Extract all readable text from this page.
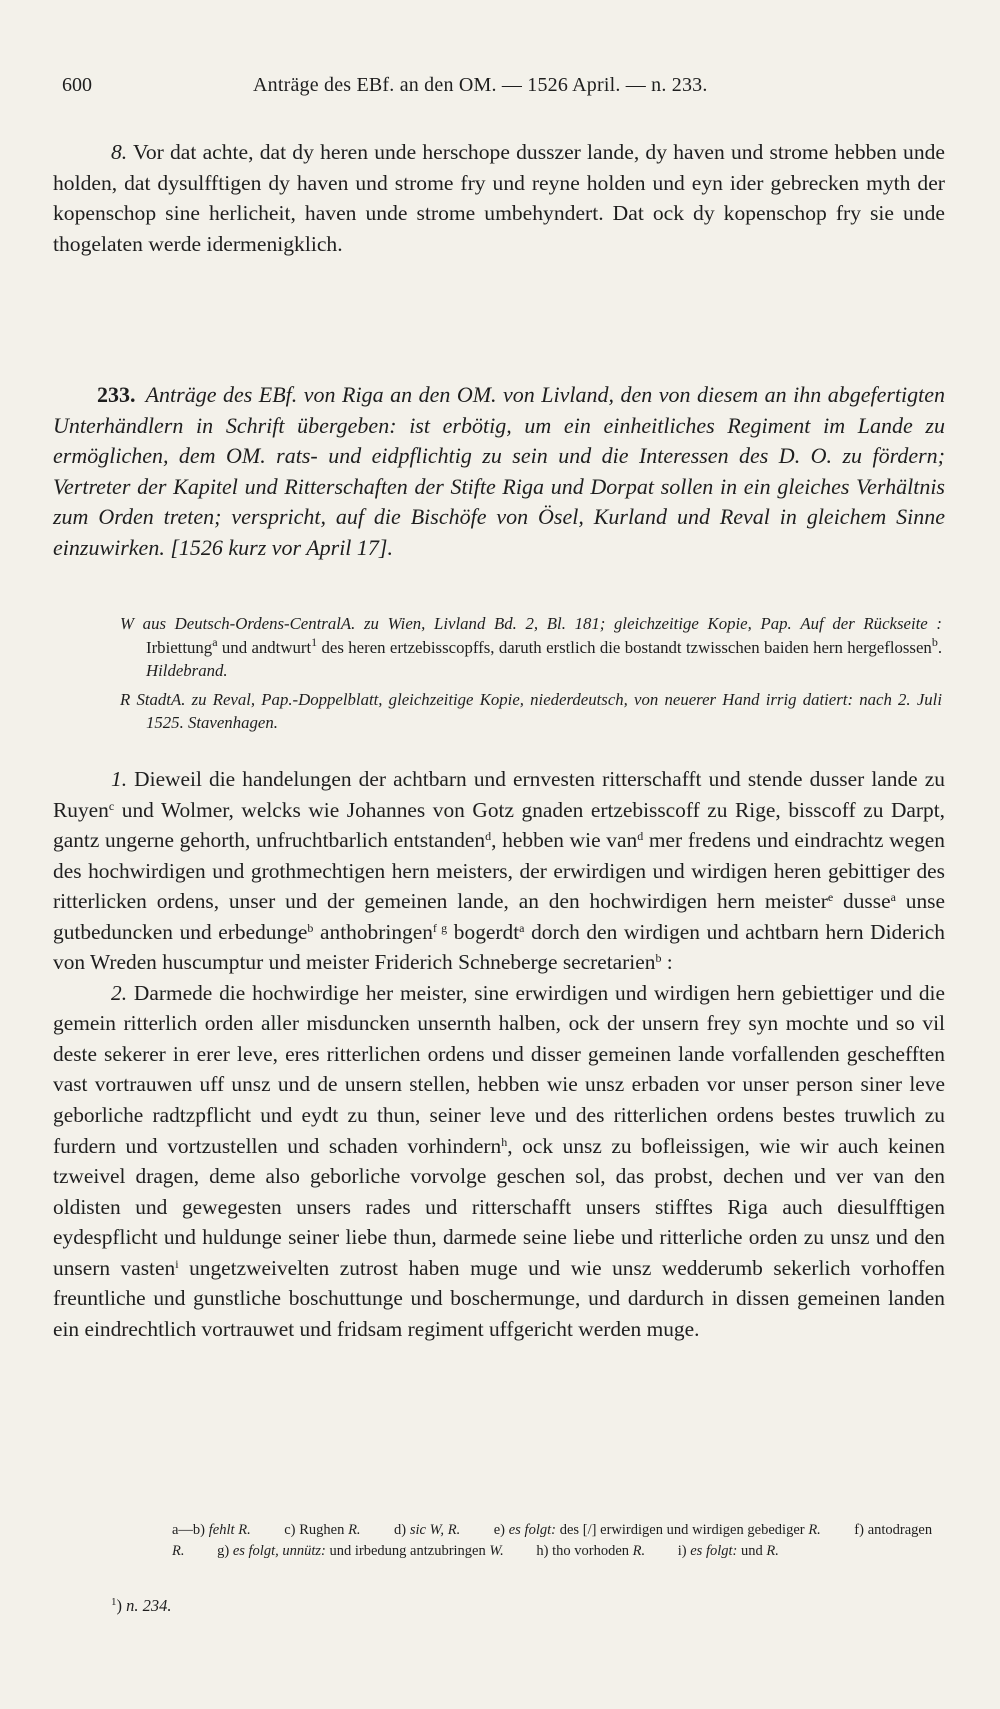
600	Anträge des EBf. an den OM. — 1526 April. — n. 233.

8. Vor dat achte, dat dy heren unde herschope dusszer lande, dy haven und strome hebben unde holden, dat dysulfftigen dy haven und strome fry und reyne holden und eyn ider gebrecken myth der kopenschop sine herlicheit, haven unde strome umbehyndert. Dat ock dy kopenschop fry sie unde thogelaten werde idermenigklich.

233. Anträge des EBf. von Riga an den OM. von Livland, den von diesem an ihn abgefertigten Unterhändlern in Schrift übergeben: ist erbötig, um ein einheitliches Regiment im Lande zu ermöglichen, dem OM. rats- und eidpflichtig zu sein und die Interessen des D. O. zu fördern; Vertreter der Kapitel und Ritterschaften der Stifte Riga und Dorpat sollen in ein gleiches Verhältnis zum Orden treten; verspricht, auf die Bischöfe von Ösel, Kurland und Reval in gleichem Sinne einzuwirken. [1526 kurz vor April 17].

W aus Deutsch-Ordens-CentralA. zu Wien, Livland Bd. 2, Bl. 181; gleichzeitige Kopie, Pap. Auf der Rückseite : Irbiettung$^a$ und andtwurt$^1$ des heren ertzebisscopffs, daruth erstlich die bostandt tzwisschen baiden hern hergeflossen$^b$. Hildebrand.

R StadtA. zu Reval, Pap.-Doppelblatt, gleichzeitige Kopie, niederdeutsch, von neuerer Hand irrig datiert: nach 2. Juli 1525. Stavenhagen.

1. Dieweil die handelungen der achtbarn und ernvesten ritterschafft und stende dusser lande zu Ruyen$^c$ und Wolmer, welcks wie Johannes von Gotz gnaden ertzebisscoff zu Rige, bisscoff zu Darpt, gantz ungerne gehorth, unfruchtbarlich entstanden$^d$, hebben wie van$^d$ mer fredens und eindrachtz wegen des hochwirdigen und grothmechtigen hern meisters, der erwirdigen und wirdigen heren gebittiger des ritterlicken ordens, unser und der gemeinen lande, an den hochwirdigen hern meister$^e$ dusse$^a$ unse gutbeduncken und erbedunge$^b$ anthobringen$^{f g}$ bogerdt$^a$ dorch den wirdigen und achtbarn hern Diderich von Wreden huscumptur und meister Friderich Schneberge secretarien$^b$ :

2. Darmede die hochwirdige her meister, sine erwirdigen und wirdigen hern gebiettiger und die gemein ritterlich orden aller misduncken unsernth halben, ock der unsern frey syn mochte und so vil deste sekerer in erer leve, eres ritterlichen ordens und disser gemeinen lande vorfallenden geschefften vast vortrauwen uff unsz und de unsern stellen, hebben wie unsz erbaden vor unser person siner leve geborliche radtzpflicht und eydt zu thun, seiner leve und des ritterlichen ordens bestes truwlich zu furdern und vortzustellen und schaden vorhindern$^h$, ock unsz zu bofleissigen, wie wir auch keinen tzweivel dragen, deme also geborliche vorvolge geschen sol, das probst, dechen und ver van den oldisten und gewegesten unsers rades und ritterschafft unsers stifftes Riga auch diesulfftigen eydespflicht und huldunge seiner liebe thun, darmede seine liebe und ritterliche orden zu unsz und den unsern vasten$^i$ ungetzweivelten zutrost haben muge und wie unsz wedderumb sekerlich vorhoffen freuntliche und gunstliche boschuttunge und boschermunge, und dardurch in dissen gemeinen landen ein eindrechtlich vortrauwet und fridsam regiment uffgericht werden muge.

a—b) fehlt R. c) Rughen R. d) sic W, R. e) es folgt: des [/] erwirdigen und wirdigen gebediger R. f) antodragen R. g) es folgt, unnütz: und irbedung antzubringen W. h) tho vorhoden R. i) es folgt: und R.
$^1$) n. 234.
